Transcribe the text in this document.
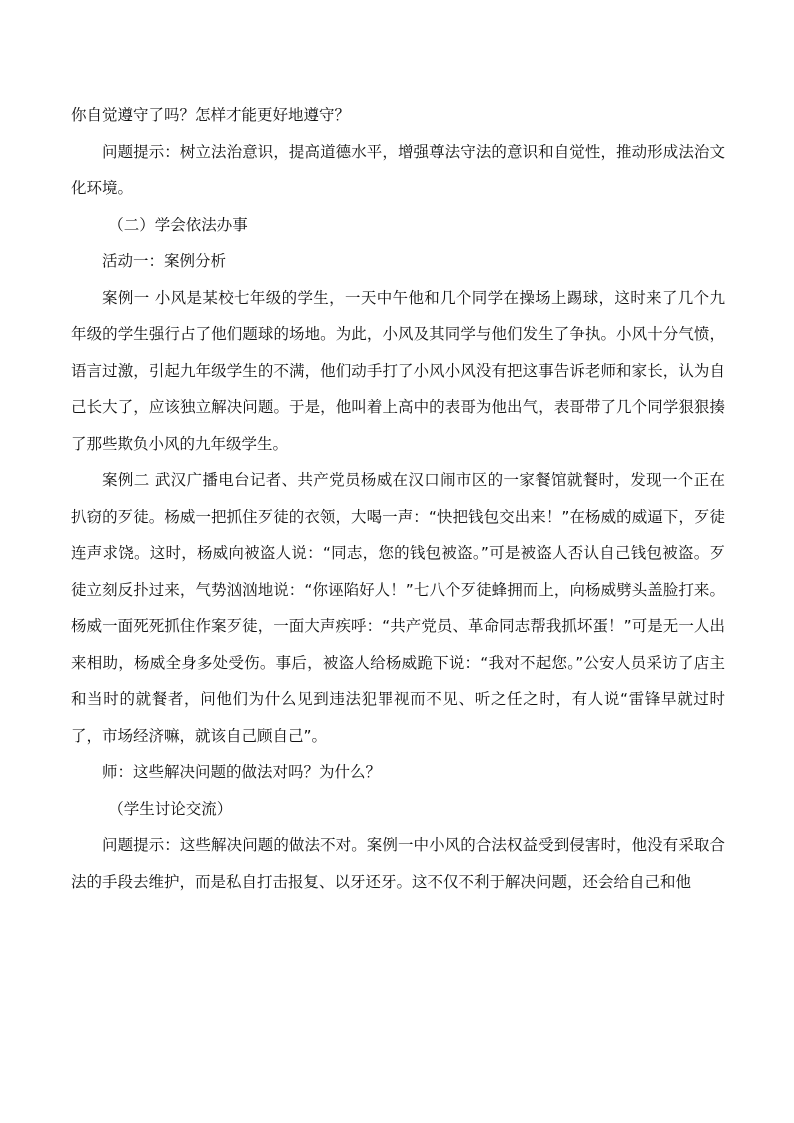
你自觉遵守了吗？怎样才能更好地遵守？

问题提示：树立法治意识，提高道德水平，增强尊法守法的意识和自觉性，推动形成法治文化环境。

（二）学会依法办事

活动一：案例分析

案例一 小风是某校七年级的学生，一天中午他和几个同学在操场上踢球，这时来了几个九年级的学生强行占了他们题球的场地。为此，小风及其同学与他们发生了争执。小风十分气愤，语言过激，引起九年级学生的不满，他们动手打了小风小风没有把这事告诉老师和家长，认为自己长大了，应该独立解决问题。于是，他叫着上高中的表哥为他出气，表哥带了几个同学狠狠揍了那些欺负小风的九年级学生。

案例二 武汉广播电台记者、共产党员杨威在汉口闹市区的一家餐馆就餐时，发现一个正在扒窃的歹徒。杨威一把抓住歹徒的衣领，大喝一声：“快把钱包交出来！”在杨威的威逼下，歹徒连声求饶。这时，杨威向被盗人说：“同志，您的钱包被盗。”可是被盗人否认自己钱包被盗。歹徒立刻反扑过来，气势汹汹地说：“你诬陷好人！”七八个歹徒蜂拥而上，向杨威劈头盖脸打来。杨威一面死死抓住作案歹徒，一面大声疾呼：“共产党员、革命同志帮我抓坏蛋！”可是无一人出来相助，杨威全身多处受伤。事后，被盗人给杨威跪下说：“我对不起您。”公安人员采访了店主和当时的就餐者，问他们为什么见到违法犯罪视而不见、听之任之时，有人说“雷锋早就过时了，市场经济嘛，就该自己顾自己”。

师：这些解决问题的做法对吗？为什么？

（学生讨论交流）

问题提示：这些解决问题的做法不对。案例一中小风的合法权益受到侵害时，他没有采取合法的手段去维护，而是私自打击报复、以牙还牙。这不仅不利于解决问题，还会给自己和他
